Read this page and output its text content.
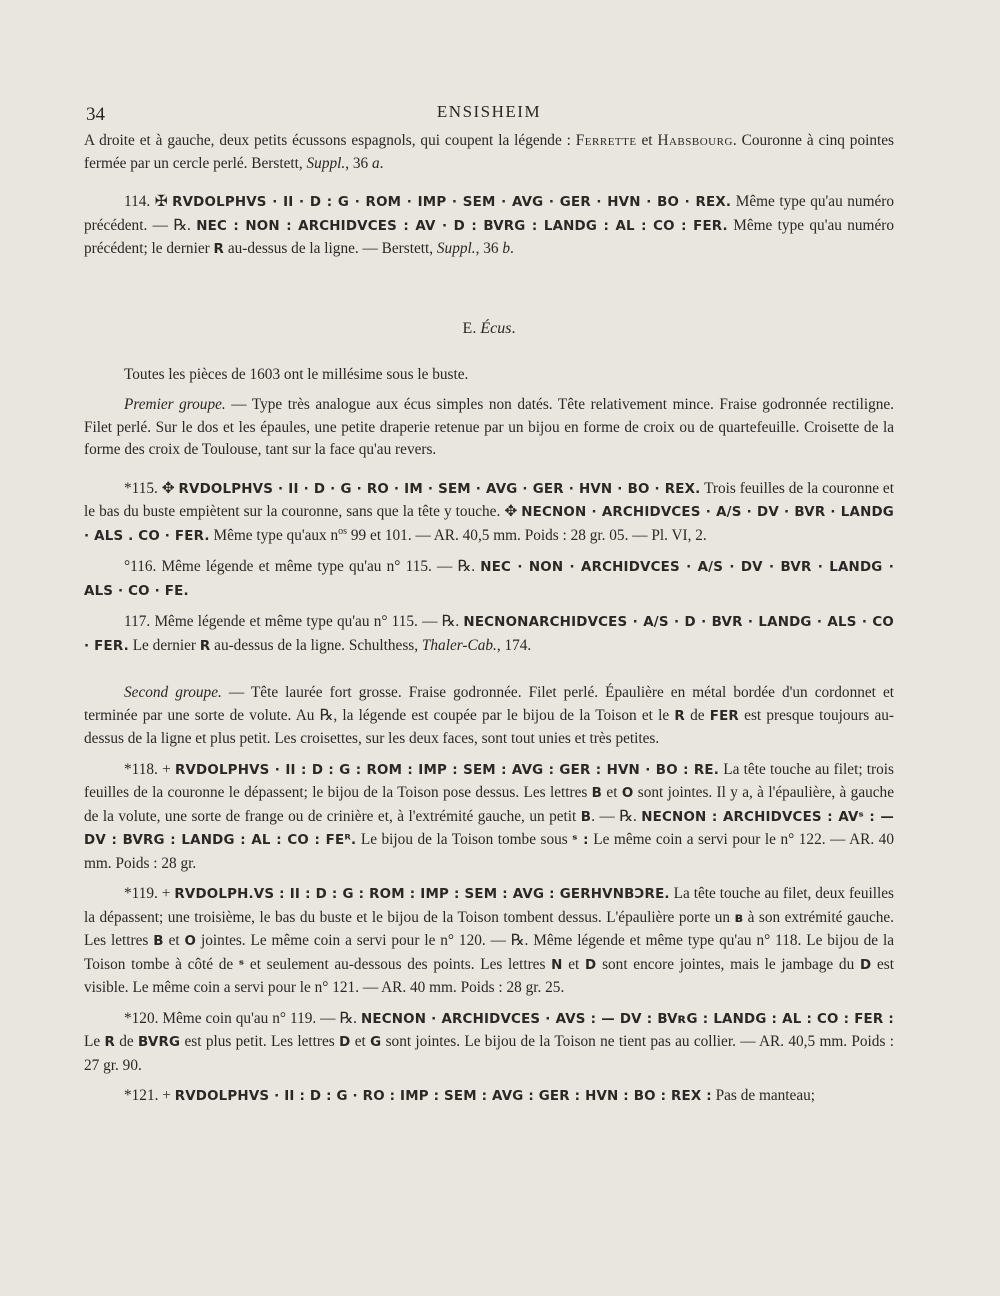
34	ENSISHEIM

A droite et à gauche, deux petits écussons espagnols, qui coupent la légende : Ferrette et Habsbourg. Couronne à cinq pointes fermée par un cercle perlé. Berstett, Suppl., 36 a.

114. ✠ RVDOLPHVS · II · D : G · ROM · IMP · SEM · AVG · GER · HVN · BO · REX. Même type qu'au numéro précédent. — ℞. NEC : NON : ARCHIDVCES : AV · D : BVRG : LANDG : AL : CO : FER. Même type qu'au numéro précédent; le dernier R au-dessus de la ligne. — Berstett, Suppl., 36 b.

E. Écus.

Toutes les pièces de 1603 ont le millésime sous le buste.

Premier groupe. — Type très analogue aux écus simples non datés. Tête relativement mince. Fraise godronnée rectiligne. Filet perlé. Sur le dos et les épaules, une petite draperie retenue par un bijou en forme de croix ou de quartefeuille. Croisette de la forme des croix de Toulouse, tant sur la face qu'au revers.

*115. ✥ RVDOLPHVS · II · D · G · RO · IM · SEM · AVG · GER · HVN · BO · REX. Trois feuilles de la couronne et le bas du buste empiètent sur la couronne, sans que la tête y touche. ✥ NECNON · ARCHIDVCES · A/S · DV · BVR · LANDG · ALS . CO · FER. Même type qu'aux $n^{os}$ 99 et 101. — AR. 40,5 mm. Poids : 28 gr. 05. — Pl. VI, 2.

°116. Même légende et même type qu'au n° 115. — ℞. NEC · NON · ARCHIDVCES · A/S · DV · BVR · LANDG · ALS · CO · FE.

117. Même légende et même type qu'au n° 115. — ℞. NECNONARCHIDVCES · A/S · D · BVR · LANDG · ALS · CO · FER. Le dernier R au-dessus de la ligne. Schulthess, Thaler-Cab., 174.

Second groupe. — Tête laurée fort grosse. Fraise godronnée. Filet perlé. Épaulière en métal bordée d'un cordonnet et terminée par une sorte de volute. Au ℞, la légende est coupée par le bijou de la Toison et le R de FER est presque toujours au-dessus de la ligne et plus petit. Les croisettes, sur les deux faces, sont tout unies et très petites.

*118. + RVDOLPHVS · II : D : G : ROM : IMP : SEM : AVG : GER : HVN · BO : RE. La tête touche au filet; trois feuilles de la couronne le dépassent; le bijou de la Toison pose dessus. Les lettres B et O sont jointes. Il y a, à l'épaulière, à gauche de la volute, une sorte de frange ou de crinière et, à l'extrémité gauche, un petit B. — ℞. NECNON : ARCHIDVCES : AVˢ : — DV : BVRG : LANDG : AL : CO : FEᴿ. Le bijou de la Toison tombe sous ˢ : Le même coin a servi pour le n° 122. — AR. 40 mm. Poids : 28 gr.

*119. + RVDOLPH.VS : II : D : G : ROM : IMP : SEM : AVG : GERHVNBƆRE. La tête touche au filet, deux feuilles la dépassent; une troisième, le bas du buste et le bijou de la Toison tombent dessus. L'épaulière porte un ʙ à son extrémité gauche. Les lettres B et O jointes. Le même coin a servi pour le n° 120. — ℞. Même légende et même type qu'au n° 118. Le bijou de la Toison tombe à côté de ˢ et seulement au-dessous des points. Les lettres N et D sont encore jointes, mais le jambage du D est visible. Le même coin a servi pour le n° 121. — AR. 40 mm. Poids : 28 gr. 25.

*120. Même coin qu'au n° 119. — ℞. NECNON · ARCHIDVCES · AVS : — DV : BVʀG : LANDG : AL : CO : FER : Le R de BVRG est plus petit. Les lettres D et G sont jointes. Le bijou de la Toison ne tient pas au collier. — AR. 40,5 mm. Poids : 27 gr. 90.

*121. + RVDOLPHVS · II : D : G · RO : IMP : SEM : AVG : GER : HVN : BO : REX : Pas de manteau;
